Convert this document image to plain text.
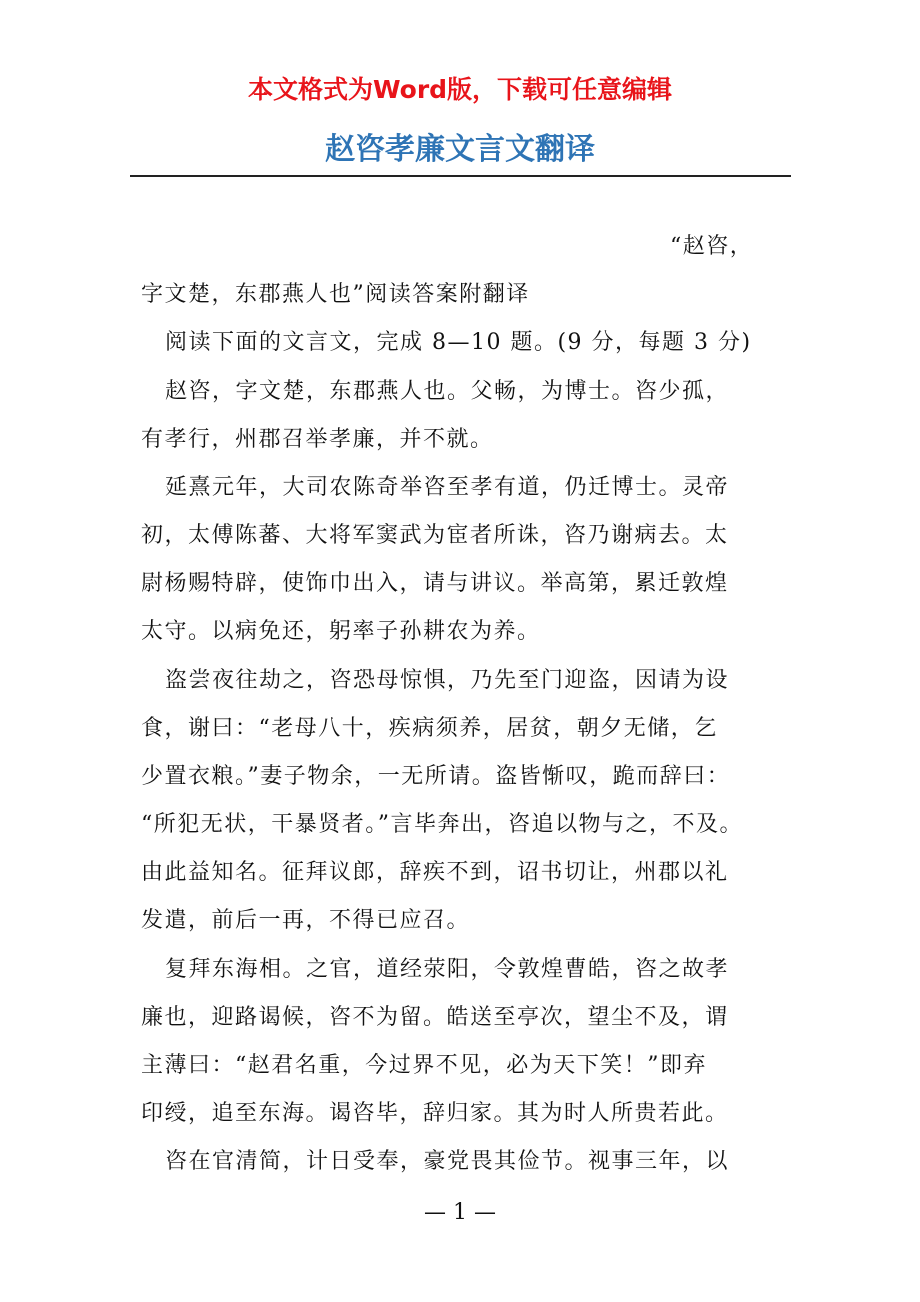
本文格式为Word版，下载可任意编辑
赵咨孝廉文言文翻译
“赵咨，
字文楚，东郡燕人也”阅读答案附翻译
阅读下面的文言文，完成 8—10 题。(9 分，每题 3 分)
赵咨，字文楚，东郡燕人也。父畅，为博士。咨少孤，
有孝行，州郡召举孝廉，并不就。
延熹元年，大司农陈奇举咨至孝有道，仍迁博士。灵帝
初，太傅陈蕃、大将军窦武为宦者所诛，咨乃谢病去。太
尉杨赐特辟，使饰巾出入，请与讲议。举高第，累迁敦煌
太守。以病免还，躬率子孙耕农为养。
盗尝夜往劫之，咨恐母惊惧，乃先至门迎盗，因请为设
食，谢曰：“老母八十，疾病须养，居贫，朝夕无储，乞
少置衣粮。”妻子物余，一无所请。盗皆惭叹，跪而辞曰：
“所犯无状，干暴贤者。”言毕奔出，咨追以物与之，不及。
由此益知名。征拜议郎，辞疾不到，诏书切让，州郡以礼
发遣，前后一再，不得已应召。
复拜东海相。之官，道经荥阳，令敦煌曹皓，咨之故孝
廉也，迎路谒候，咨不为留。皓送至亭次，望尘不及，谓
主薄曰：“赵君名重，今过界不见，必为天下笑！”即弃
印绶，追至东海。谒咨毕，辞归家。其为时人所贵若此。
咨在官清简，计日受奉，豪党畏其俭节。视事三年，以
— 1 —
